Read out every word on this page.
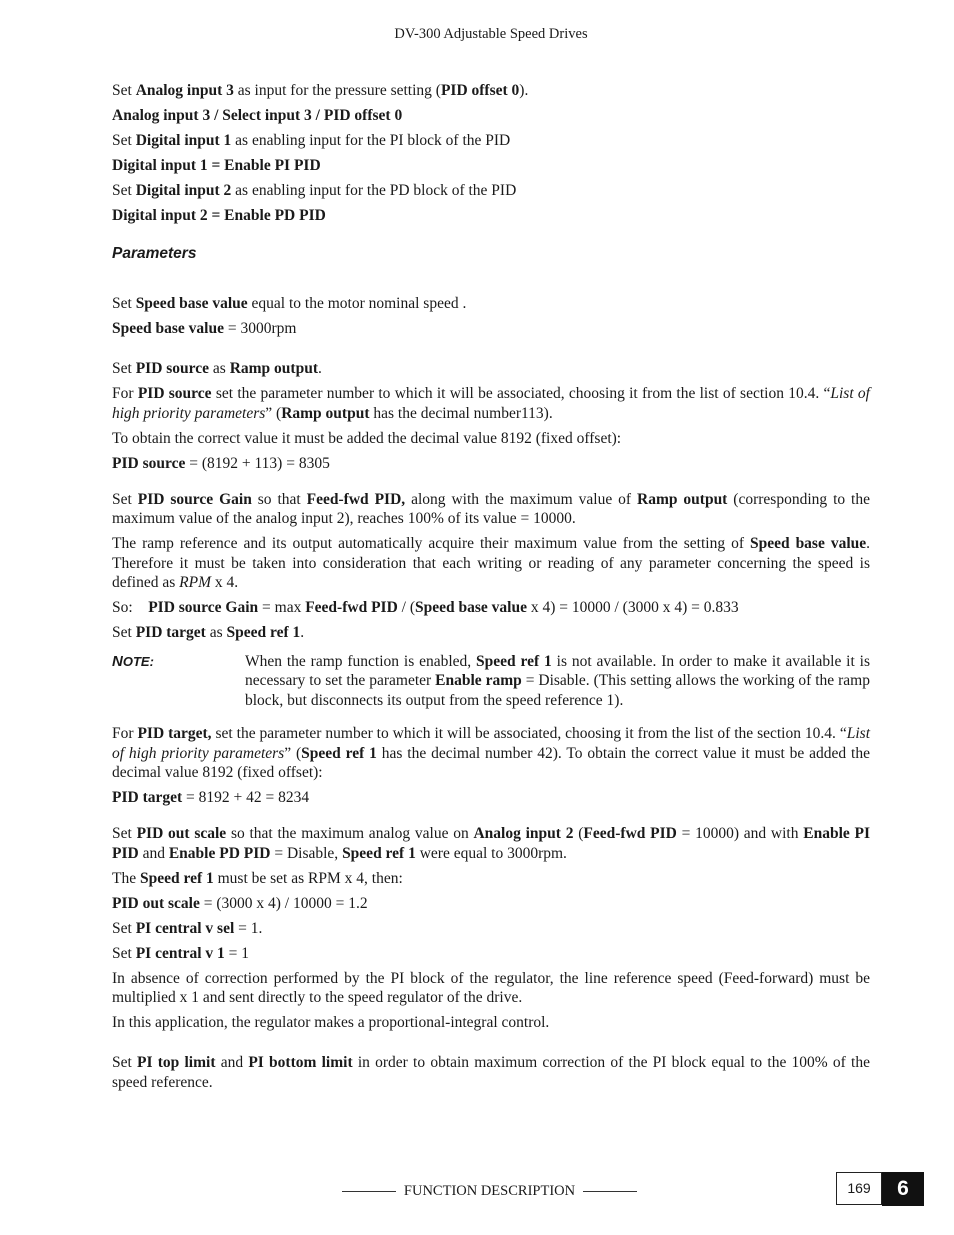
DV-300 Adjustable Speed Drives

Set Analog input 3 as input for the pressure setting (PID offset 0).

Analog input 3 / Select input 3 / PID offset 0

Set Digital input 1 as enabling input for the PI block of the PID

Digital input 1 = Enable PI PID

Set Digital input 2 as enabling input for the PD block of the PID

Digital input 2 = Enable PD PID

Parameters

Set Speed base value equal to the motor nominal speed .

Speed base value = 3000rpm

Set PID source as Ramp output.

For PID source set the parameter number to which it will be associated, choosing it from the list of section 10.4. “List of high priority parameters” (Ramp output has the decimal number113).

To obtain the correct value it must be added the decimal value 8192 (fixed offset):

PID source = (8192 + 113) = 8305

Set PID source Gain so that Feed-fwd PID, along with the maximum value of Ramp output (corresponding to the maximum value of the analog input 2), reaches 100% of its value = 10000.

The ramp reference and its output automatically acquire their maximum value from the setting of Speed base value. Therefore it must be taken into consideration that each writing or reading of any parameter concerning the speed is defined as RPM x 4.

So:    PID source Gain = max Feed-fwd PID / (Speed base value x 4) = 10000 / (3000 x 4) = 0.833

Set PID target as Speed ref 1.

NOTE:	When the ramp function is enabled, Speed ref 1 is not available. In order to make it available it is necessary to set the parameter Enable ramp = Disable. (This setting allows the working of the ramp block, but disconnects its output from the speed reference 1).

For PID target, set the parameter number to which it will be associated, choosing it from the list of the section 10.4. “List of high priority parameters” (Speed ref 1 has the decimal number 42). To obtain the correct value it must be added the decimal value 8192 (fixed offset):

PID target = 8192 + 42 = 8234

Set PID out scale so that the maximum analog value on Analog input 2 (Feed-fwd PID = 10000) and with Enable PI PID and Enable PD PID = Disable, Speed ref 1 were equal to 3000rpm.

The Speed ref 1 must be set as RPM x 4, then:

PID out scale = (3000 x 4) / 10000 = 1.2

Set PI central v sel = 1.

Set PI central v 1 = 1

In absence of correction performed by the PI block of the regulator, the line reference speed (Feed-forward) must be multiplied x 1 and sent directly to the speed regulator of the drive.

In this application, the regulator makes a proportional-integral control.

Set PI top limit and PI bottom limit in order to obtain maximum correction of the PI block equal to the 100% of the speed reference.

FUNCTION DESCRIPTION	169	6
